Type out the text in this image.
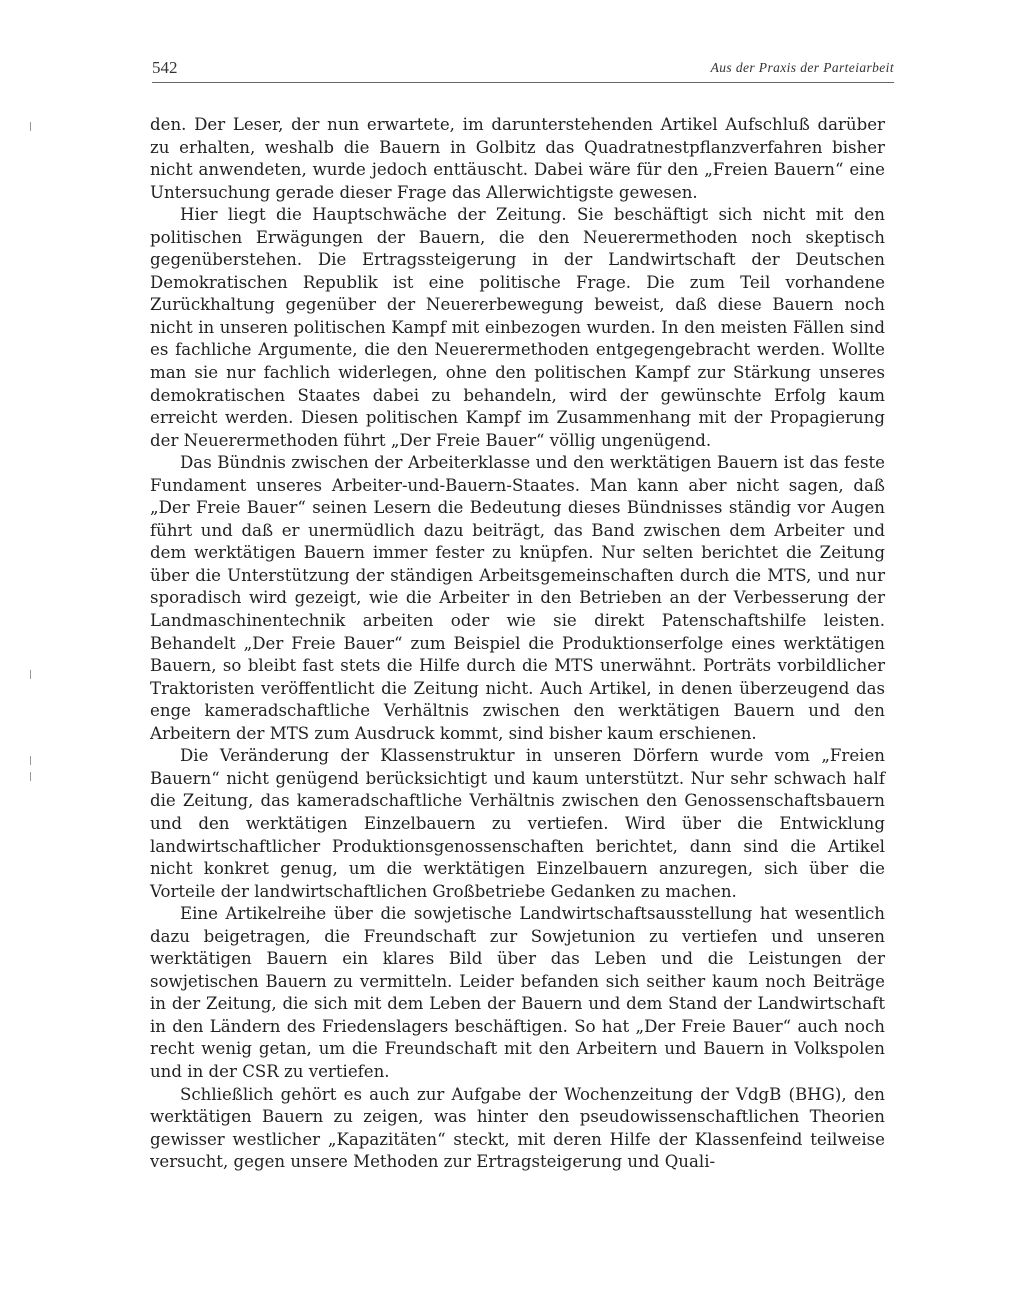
542	Aus der Praxis der Parteiarbeit

den. Der Leser, der nun erwartete, im darunterstehenden Artikel Aufschluß darüber zu erhalten, weshalb die Bauern in Golbitz das Quadratnestpflanzverfahren bisher nicht anwendeten, wurde jedoch enttäuscht. Dabei wäre für den „Freien Bauern“ eine Untersuchung gerade dieser Frage das Allerwichtigste gewesen.

Hier liegt die Hauptschwäche der Zeitung. Sie beschäftigt sich nicht mit den politischen Erwägungen der Bauern, die den Neuerermethoden noch skeptisch gegenüberstehen. Die Ertragssteigerung in der Landwirtschaft der Deutschen Demokratischen Republik ist eine politische Frage. Die zum Teil vorhandene Zurückhaltung gegenüber der Neuererbewegung beweist, daß diese Bauern noch nicht in unseren politischen Kampf mit einbezogen wurden. In den meisten Fällen sind es fachliche Argumente, die den Neuerermethoden entgegengebracht werden. Wollte man sie nur fachlich widerlegen, ohne den politischen Kampf zur Stärkung unseres demokratischen Staates dabei zu behandeln, wird der gewünschte Erfolg kaum erreicht werden. Diesen politischen Kampf im Zusammenhang mit der Propagierung der Neuerermethoden führt „Der Freie Bauer“ völlig ungenügend.

Das Bündnis zwischen der Arbeiterklasse und den werktätigen Bauern ist das feste Fundament unseres Arbeiter-und-Bauern-Staates. Man kann aber nicht sagen, daß „Der Freie Bauer“ seinen Lesern die Bedeutung dieses Bündnisses ständig vor Augen führt und daß er unermüdlich dazu beiträgt, das Band zwischen dem Arbeiter und dem werktätigen Bauern immer fester zu knüpfen. Nur selten berichtet die Zeitung über die Unterstützung der ständigen Arbeitsgemeinschaften durch die MTS, und nur sporadisch wird gezeigt, wie die Arbeiter in den Betrieben an der Verbesserung der Landmaschinentechnik arbeiten oder wie sie direkt Patenschaftshilfe leisten. Behandelt „Der Freie Bauer“ zum Beispiel die Produktionserfolge eines werktätigen Bauern, so bleibt fast stets die Hilfe durch die MTS unerwähnt. Porträts vorbildlicher Traktoristen veröffentlicht die Zeitung nicht. Auch Artikel, in denen überzeugend das enge kameradschaftliche Verhältnis zwischen den werktätigen Bauern und den Arbeitern der MTS zum Ausdruck kommt, sind bisher kaum erschienen.

Die Veränderung der Klassenstruktur in unseren Dörfern wurde vom „Freien Bauern“ nicht genügend berücksichtigt und kaum unterstützt. Nur sehr schwach half die Zeitung, das kameradschaftliche Verhältnis zwischen den Genossenschaftsbauern und den werktätigen Einzelbauern zu vertiefen. Wird über die Entwicklung landwirtschaftlicher Produktionsgenossenschaften berichtet, dann sind die Artikel nicht konkret genug, um die werktätigen Einzelbauern anzuregen, sich über die Vorteile der landwirtschaftlichen Großbetriebe Gedanken zu machen.

Eine Artikelreihe über die sowjetische Landwirtschaftsausstellung hat wesentlich dazu beigetragen, die Freundschaft zur Sowjetunion zu vertiefen und unseren werktätigen Bauern ein klares Bild über das Leben und die Leistungen der sowjetischen Bauern zu vermitteln. Leider befanden sich seither kaum noch Beiträge in der Zeitung, die sich mit dem Leben der Bauern und dem Stand der Landwirtschaft in den Ländern des Friedenslagers beschäftigen. So hat „Der Freie Bauer“ auch noch recht wenig getan, um die Freundschaft mit den Arbeitern und Bauern in Volkspolen und in der CSR zu vertiefen.

Schließlich gehört es auch zur Aufgabe der Wochenzeitung der VdgB (BHG), den werktätigen Bauern zu zeigen, was hinter den pseudowissenschaftlichen Theorien gewisser westlicher „Kapazitäten“ steckt, mit deren Hilfe der Klassenfeind teilweise versucht, gegen unsere Methoden zur Ertragsteigerung und Quali-
